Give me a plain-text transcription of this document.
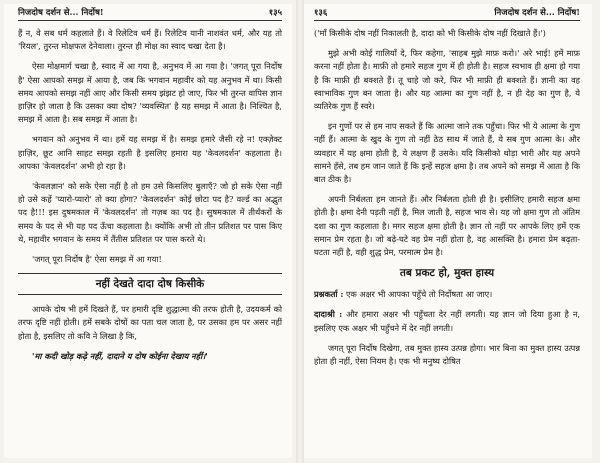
निजदोष दर्शन से... निर्दोष!	१३५

हैं न, वे सब धर्म कहलाते हैं। वे रिलेटिव धर्म हैं। रिलेटिव यानी नाशवंत धर्म, और यह तो 'रियल', तुरन्त मोक्षफल देनेवाला। तुरन्त ही मोक्ष का स्वाद चखा देता है।

ऐसा मोक्षमार्ग चखा है, स्वाद में आ गया है, अनुभव में आ गया है। 'जगत् पूरा निर्दोष है' ऐसा आपको समझ में आया है, जब कि भगवान महावीर को यह अनुभव में था। किसी समय आपको समझ नहीं आए और किसी समय झंझट हो जाए, फिर भी तुरन्त वापिस ज्ञान हाज़िर हो जाता है कि उसका क्या दोष? 'व्यवस्थित' है यह समझ में आता है। निश्चित है, समझ में आता है। सब समझ में आता है।

भगवान को अनुभव में था। हमें यह समझ में है। समझ हमारे जैसी रहे न! एक्ज़ेक्ट हाज़िर, छूट आनि साहट समझ रहती है इसलिए हमारा यह 'केवलदर्शन' कहलाता है। आपका 'केवलदर्शन' अभी हो रहा है।

'केवलज्ञान' को सके ऐसा नहीं है तो हम उसे किसलिए बुलाएँ? जो हो सके ऐसा नहीं हो उसे कहें 'प्यारो-प्यारो' तो क्या होगा? 'केवलदर्शन' कोई छोटा पद है? वर्ल्ड का अद्भुत पद है!!! इस दुषमकाल में 'केवलदर्शन' तो गज़ब का पद है। सुषमकाल में तीर्थंकरों के समय के पद से भी यह पद ऊँचा कहलाता है। क्योंकि अभी तो तीन प्रतिशत पर पास किए थे, महावीर भगवान के समय में तैंतीस प्रतिशत पर पास करते थे।

'जगत् पूरा निर्दोष है' ऐसा समझ में आ गया!

नहीं देखते दादा दोष किसीके

आपके दोष भी हमें दिखते हैं, पर हमारी दृष्टि शुद्धात्मा की तरफ होती है, उदयकर्म को तरफ दृष्टि नहीं होती। हमें सबके दोषों का पता चल जाता है, पर उसका हम पर असर नहीं होता है, इसलिए तो कवि ने लिखा है कि,

'मा कदी खोड़ कढ़े नहीं, दादाने य दोष कोईना देखाय नहीं।'
१३६	निजदोष दर्शन से... निर्दोष!

('माँ किसीके दोष नहीं निकालती है, दादा को भी किसीके दोष नहीं दिखाते हैं।')

मुझे अभी कोई गालियाँ दे, फिर कहेगा, 'साहब मुझे माफ़ करो।' अरे भाई! हमें माफ़ करना नहीं होता है। माफ़ी तो हमारे सहज गुण में ही होती है। सहज स्वभाव ही क्षमा हो गया है कि माफ़ी ही बक्शते हैं। तू चाहे जो करे, फिर भी माफ़ी ही बक्शते हैं। ज्ञानी का वह स्वाभाविक गुण बन जाता है। और यह आत्मा का गुण नहीं है, न ही देह का गुण है, ये व्यतिरेक गुण हैं स्वरे।

इन गुणों पर से हम नाप सकते हैं कि आत्मा जाने तक पहुँचा। फिर भी ये आत्मा के गुण नहीं हैं। आत्मा के खुद के गुण तो नहीं ठेठ साथ में जाते हैं, ये सब गुण आत्मा के। और व्यवहार में यह क्षमा होती है, ये लक्षण हैं उसके। यदि किसीको थोड़ा भारी और यह अपने सामने हँसे, तब हम जान जाते हैं कि इन्हें सहज क्षमा है। तब अपने को समझ में आता है कि बात ठीक है।

अपनी निर्बलता हम जानते हैं। और निर्बलता होती ही है। इसीलिए हमारी सहज क्षमा होती है। क्षमा देनी पड़ती नहीं है, मिल जाती है, सहज भाव से। यह जो क्षमा गुण तो अंतिम दशा का गुण कहलाता है। मगर सहज क्षमा होती है। ज्ञान तो नहीं पर आपके लिए हमें एक समान प्रेम रहता है। जो बढ़े-घटे वह प्रेम नहीं होता है, वह आसक्ति है। हमारा प्रेम बढ़ता-घटता नहीं है, वही शुद्ध प्रेम, परमात्म प्रेम है।

तब प्रकट हो, मुक्त हास्य

प्रश्नकर्ता : एक अक्षर भी आपका पहुँचे तो निर्दोषता आ जाए।

दादाश्री : और हमारा अक्षर भी पहुँचता देर नहीं लगती। यह ज्ञान जो दिया हुआ है न, इसलिए एक अक्षर भी पहुँचने में देर नहीं लगती।

जगत् पूरा निर्दोष दिखेगा, तब मुक्त हास्य उत्पन्न होगा। भार बिना का मुक्त हास्य उत्पन्न होता ही नहीं, ऐसा नियम है। एक भी मनुष्य दोषित
